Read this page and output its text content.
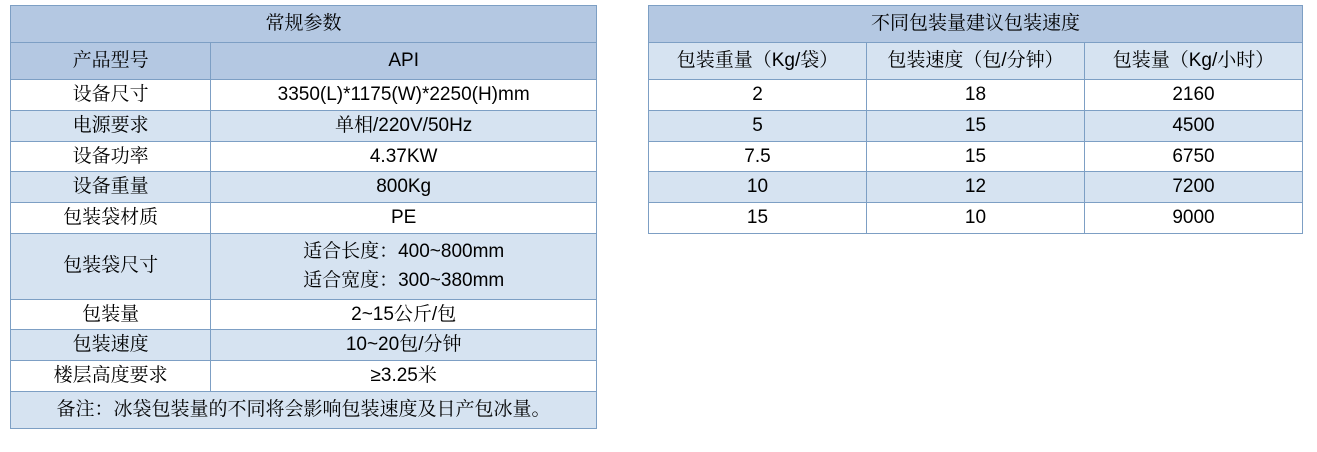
常规参数	
产品型号	API
设备尺寸	3350(L)*1175(W)*2250(H)mm
电源要求	单相/220V/50Hz
设备功率	4.37KW
设备重量	800Kg
包装袋材质	PE
包装袋尺寸	适合长度：400~800mm
适合宽度：300~380mm

包装量	2~15公斤/包
包装速度	10~20包/分钟
楼层高度要求	≥3.25米
备注：冰袋包装量的不同将会影响包装速度及日产包冰量。	
不同包装量建议包装速度		
包装重量（Kg/袋）	包装速度（包/分钟）	包装量（Kg/小时）
2	18	2160
5	15	4500
7.5	15	6750
10	12	7200
15	10	9000
